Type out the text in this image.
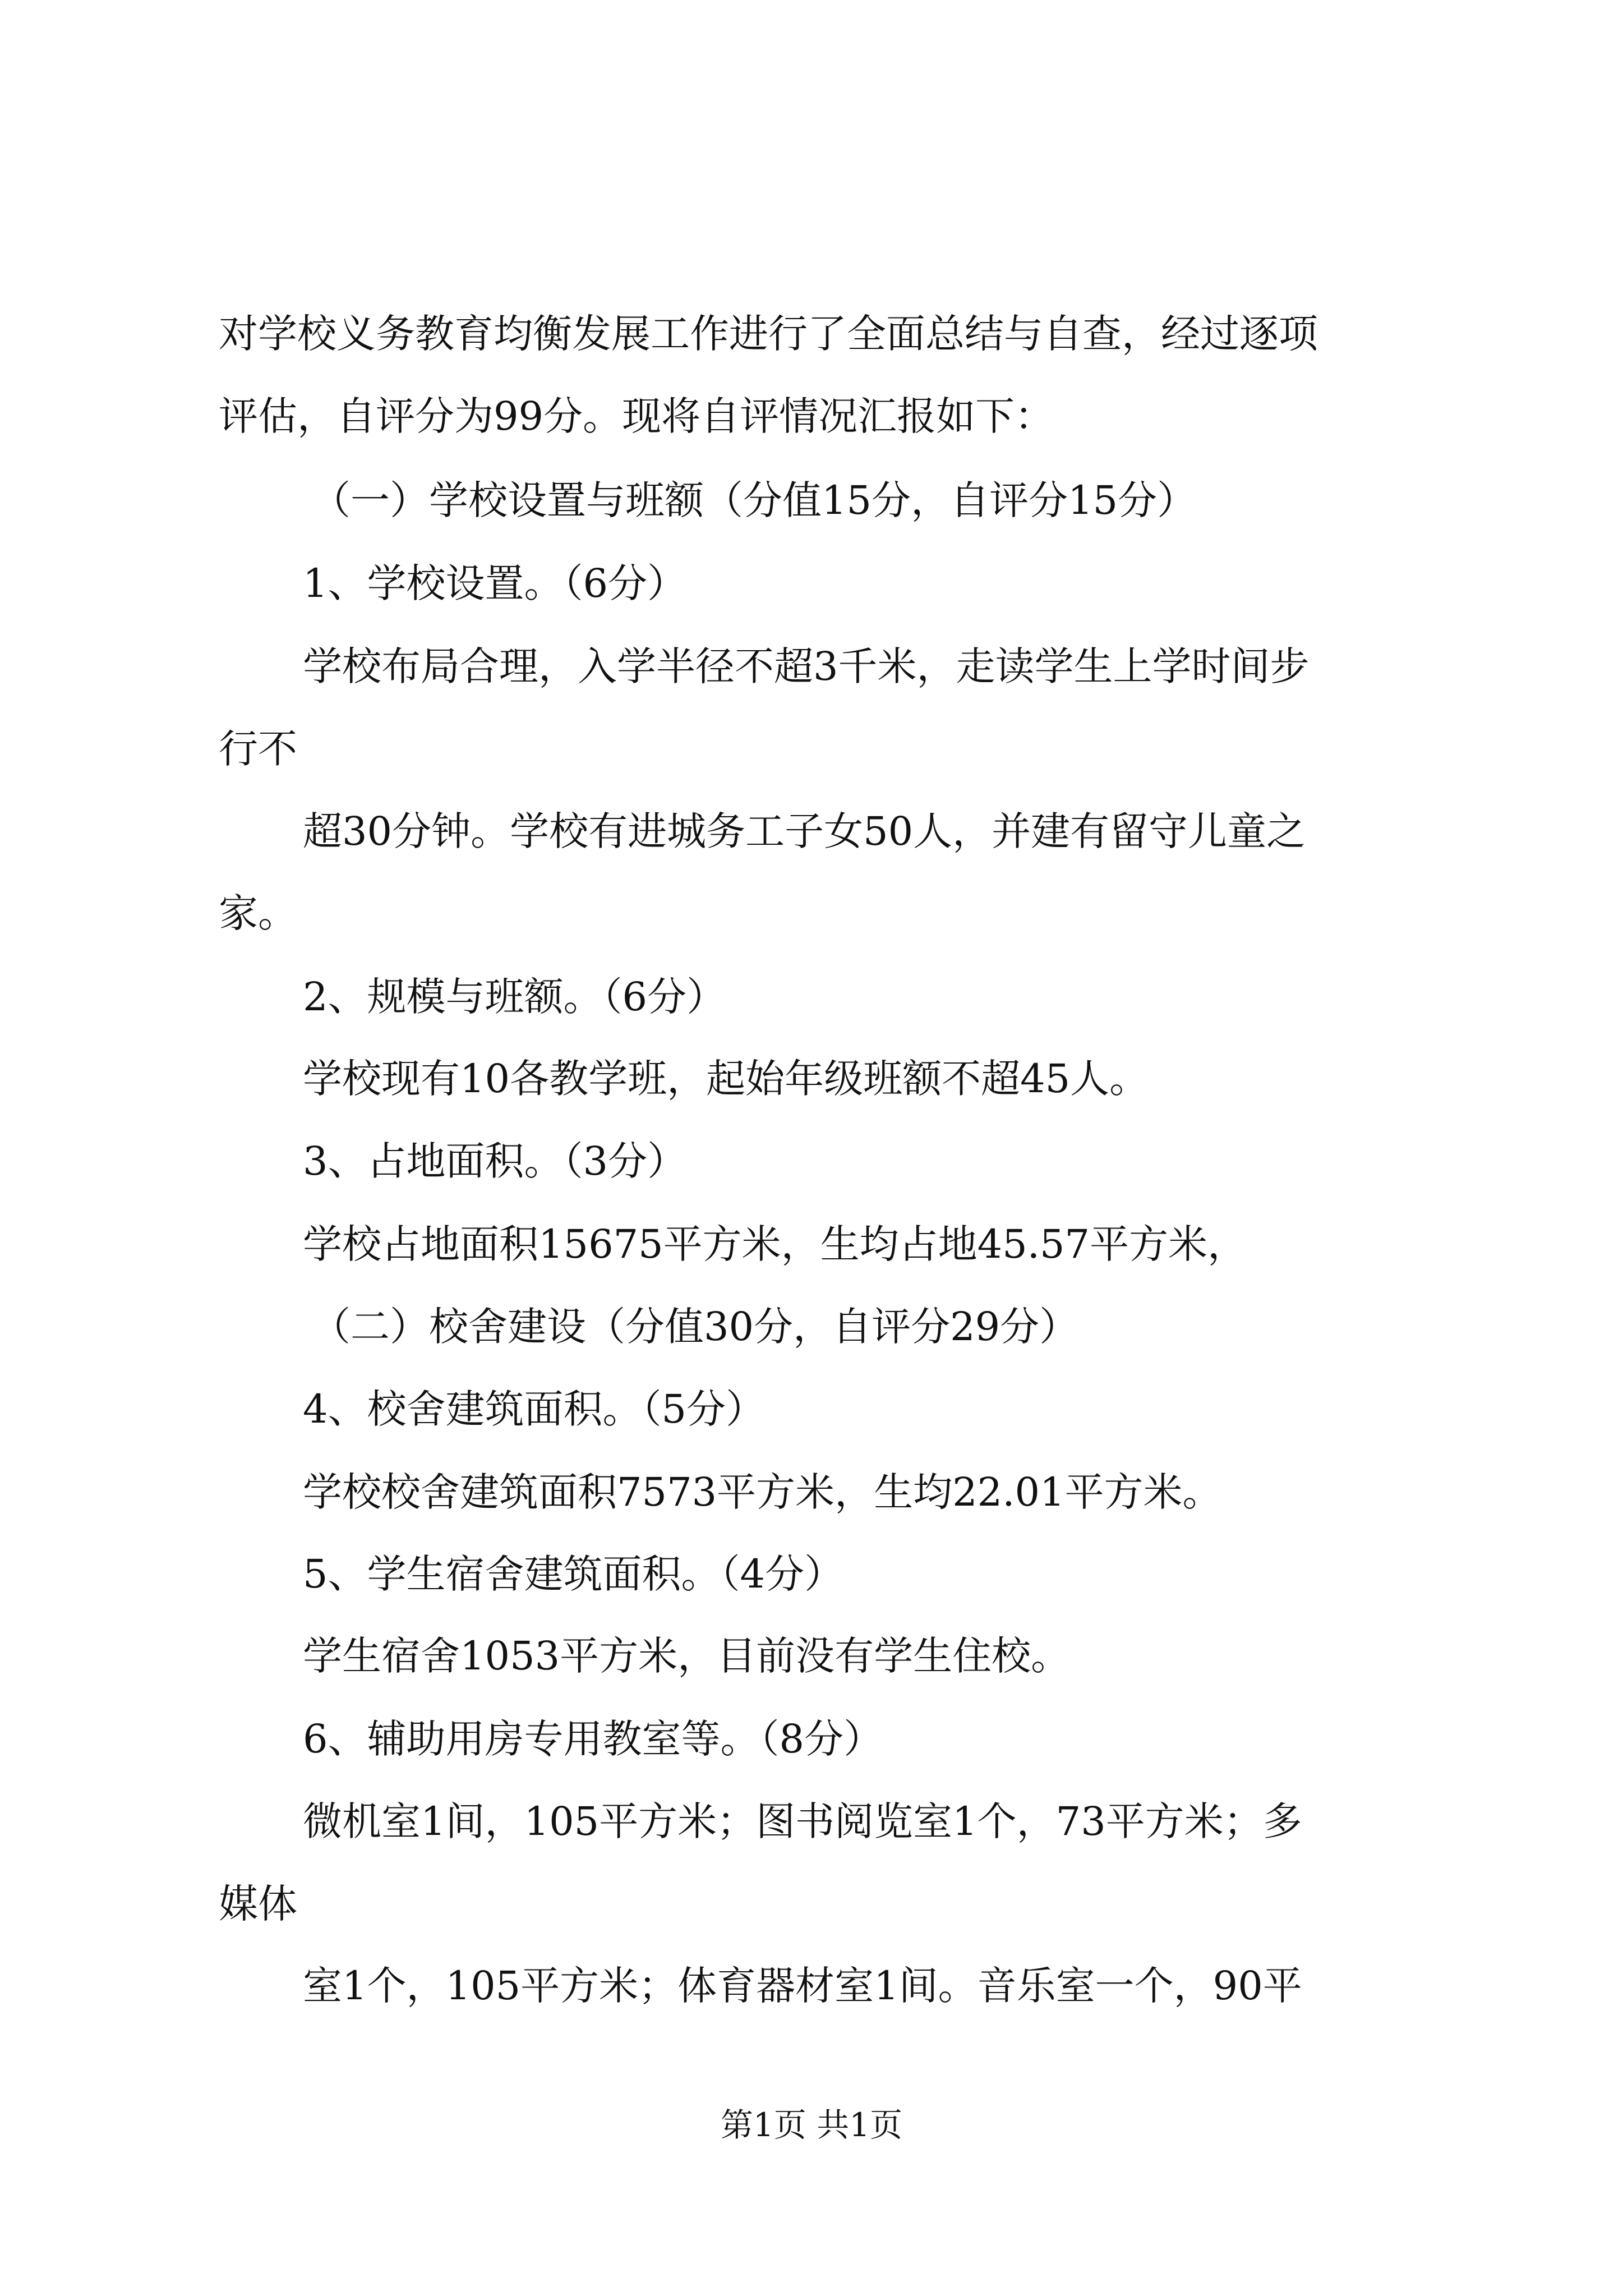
对学校义务教育均衡发展工作进行了全面总结与自查，经过逐项
评估，自评分为99分。现将自评情况汇报如下：
（一）学校设置与班额（分值15分，自评分15分）
1、学校设置。（6分）
学校布局合理，入学半径不超3千米，走读学生上学时间步
行不
超30分钟。学校有进城务工子女50人，并建有留守儿童之
家。
2、规模与班额。（6分）
学校现有10各教学班，起始年级班额不超45人。
3、占地面积。（3分）
学校占地面积15675平方米，生均占地45.57平方米，
（二）校舍建设（分值30分，自评分29分）
4、校舍建筑面积。（5分）
学校校舍建筑面积7573平方米，生均22.01平方米。
5、学生宿舍建筑面积。（4分）
学生宿舍1053平方米，目前没有学生住校。
6、辅助用房专用教室等。（8分）
微机室1间，105平方米；图书阅览室1个，73平方米；多
媒体
室1个，105平方米；体育器材室1间。音乐室一个，90平
第1页 共1页
